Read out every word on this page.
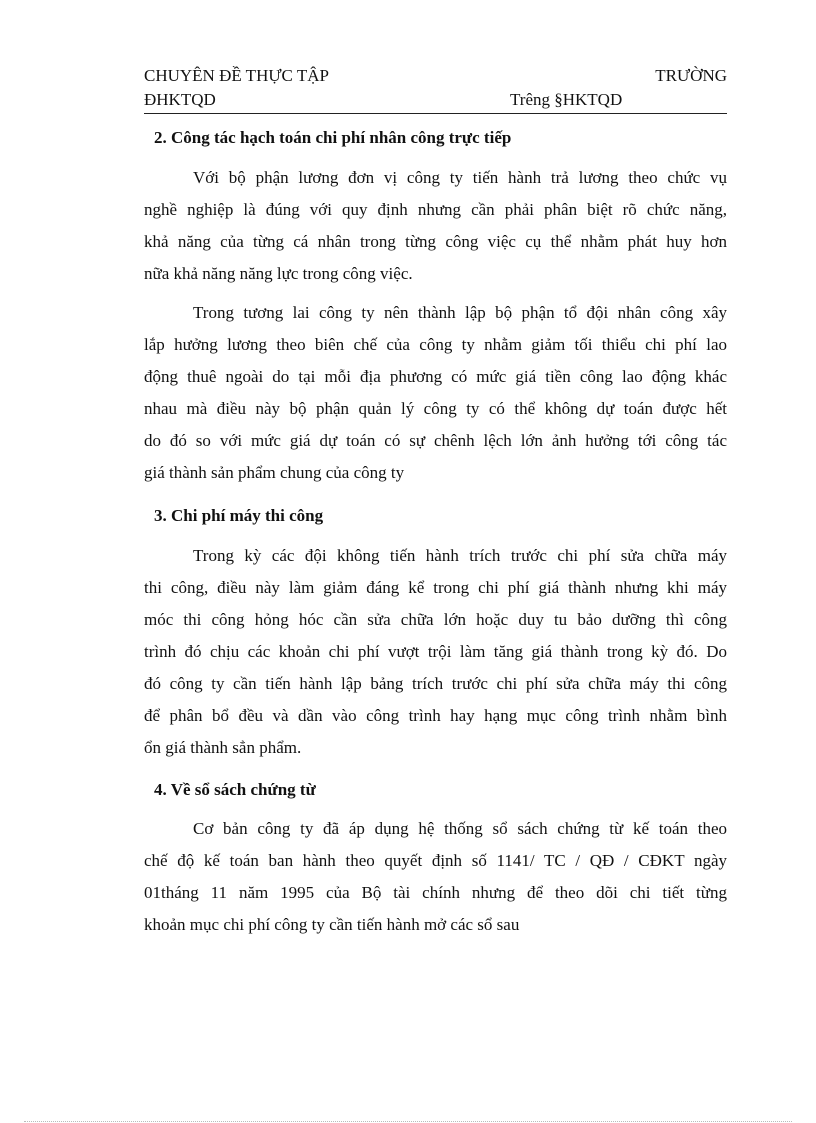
CHUYÊN ĐỀ THỰC TẬP	TRƯỜNG
ĐHKTQD	Trêng §HKTQD
2. Công tác hạch toán chi phí nhân công trực tiếp
Với bộ phận lương đơn vị công ty tiến hành trả lương theo chức vụ
nghề nghiệp là đúng với quy định nhưng cần phải phân biệt rõ chức năng,
khả năng của từng cá nhân trong từng công việc cụ thể nhằm phát huy hơn
nữa khả năng năng lực trong công việc.
Trong tương lai công ty nên thành lập bộ phận tổ đội nhân công xây
lắp hưởng lương theo biên chế của công ty nhằm giảm tối thiểu chi phí lao
động thuê ngoài do tại mỗi địa phương có mức giá tiền công lao động khác
nhau mà điều này bộ phận quản lý công ty có thể không dự toán được hết
do đó so với mức giá dự toán có sự chênh lệch lớn ảnh hưởng tới công tác
giá thành sản phẩm chung của công ty
3. Chi phí máy thi công
Trong kỳ các đội không tiến hành trích trước chi phí sửa chữa máy
thi công, điều này làm giảm đáng kể trong chi phí giá thành nhưng khi máy
móc thi công hỏng hóc cần sửa chữa lớn hoặc duy tu bảo dưỡng thì công
trình đó chịu các khoản chi phí vượt trội làm tăng giá thành trong kỳ đó. Do
đó công ty cần tiến hành lập bảng trích trước chi phí sửa chữa máy thi công
để phân bổ đều và dần vào công trình hay hạng mục công trình nhằm bình
ổn giá thành sẳn phẩm.
4. Về sổ sách chứng từ
Cơ bản công ty đã áp dụng hệ thống sổ sách chứng từ kế toán theo
chế độ kế toán ban hành theo quyết định số 1141/ TC / QĐ / CĐKT ngày
01tháng 11 năm 1995 của Bộ tài chính nhưng để theo dõi chi tiết từng
khoản mục chi phí công ty cần tiến hành mở các sổ sau
